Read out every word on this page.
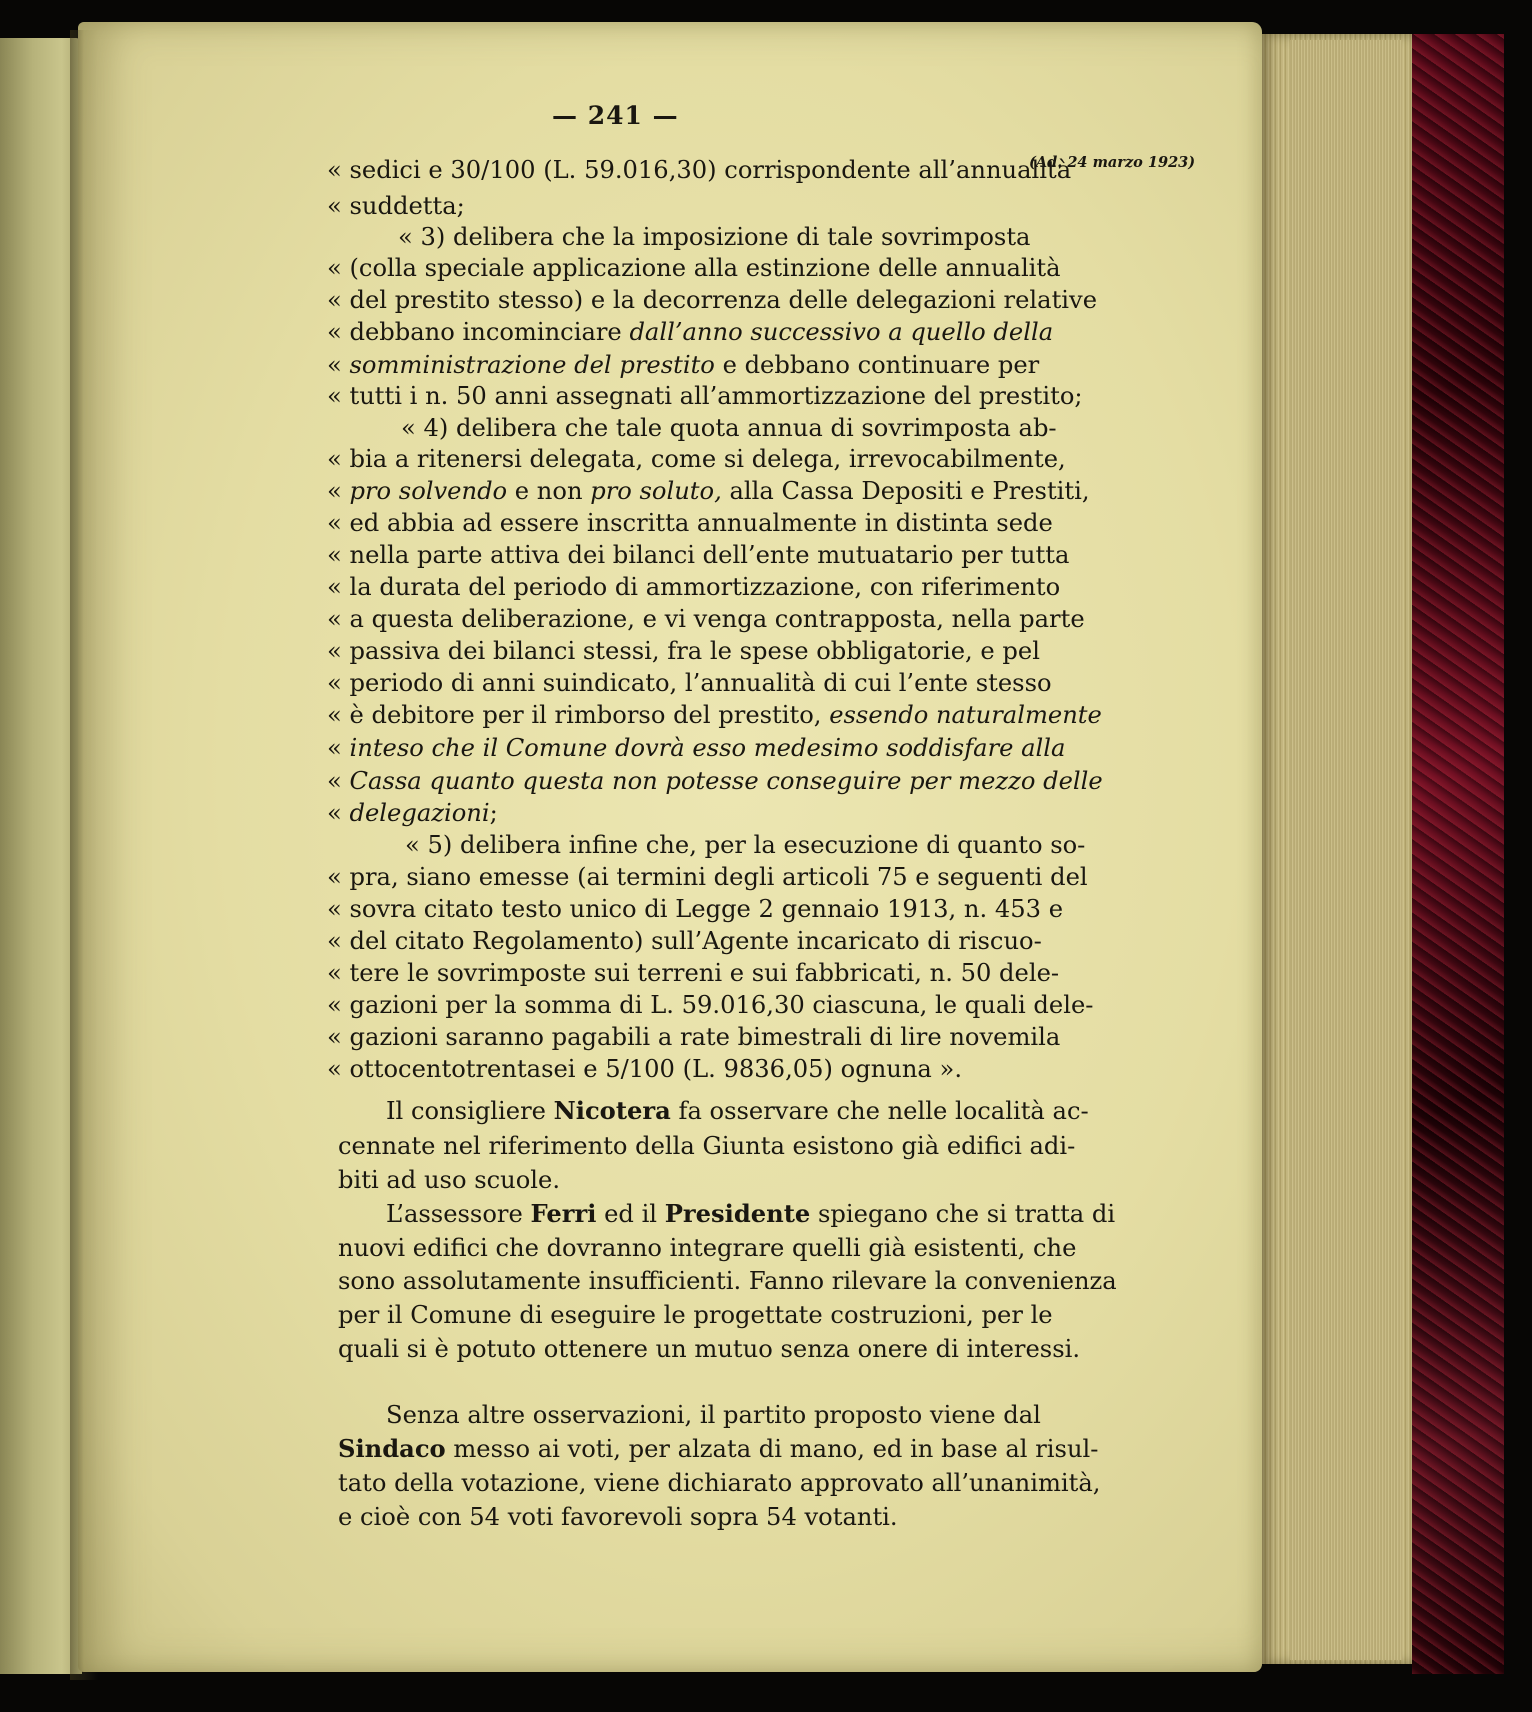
— 241 —
« sedici e 30/100 (L. 59.016,30) corrispondente all’annualità
(Ad. 24 marzo 1923)
« suddetta;
« 3) delibera che la imposizione di tale sovrimposta
« (colla speciale applicazione alla estinzione delle annualità
« del prestito stesso) e la decorrenza delle delegazioni relative
« debbano incominciare dall’anno successivo a quello della
« somministrazione del prestito e debbano continuare per
« tutti i n. 50 anni assegnati all’ammortizzazione del prestito;
« 4) delibera che tale quota annua di sovrimposta ab-
« bia a ritenersi delegata, come si delega, irrevocabilmente,
« pro solvendo e non pro soluto, alla Cassa Depositi e Prestiti,
« ed abbia ad essere inscritta annualmente in distinta sede
« nella parte attiva dei bilanci dell’ente mutuatario per tutta
« la durata del periodo di ammortizzazione, con riferimento
« a questa deliberazione, e vi venga contrapposta, nella parte
« passiva dei bilanci stessi, fra le spese obbligatorie, e pel
« periodo di anni suindicato, l’annualità di cui l’ente stesso
« è debitore per il rimborso del prestito, essendo naturalmente
« inteso che il Comune dovrà esso medesimo soddisfare alla
« Cassa quanto questa non potesse conseguire per mezzo delle
« delegazioni;
« 5) delibera infine che, per la esecuzione di quanto so-
« pra, siano emesse (ai termini degli articoli 75 e seguenti del
« sovra citato testo unico di Legge 2 gennaio 1913, n. 453 e
« del citato Regolamento) sull’Agente incaricato di riscuo-
« tere le sovrimposte sui terreni e sui fabbricati, n. 50 dele-
« gazioni per la somma di L. 59.016,30 ciascuna, le quali dele-
« gazioni saranno pagabili a rate bimestrali di lire novemila
« ottocentotrentasei e 5/100 (L. 9836,05) ognuna ».
Il consigliere Nicotera fa osservare che nelle località ac-
cennate nel riferimento della Giunta esistono già edifici adi-
biti ad uso scuole.
L’assessore Ferri ed il Presidente spiegano che si tratta di
nuovi edifici che dovranno integrare quelli già esistenti, che
sono assolutamente insufficienti. Fanno rilevare la convenienza
per il Comune di eseguire le progettate costruzioni, per le
quali si è potuto ottenere un mutuo senza onere di interessi.
Senza altre osservazioni, il partito proposto viene dal
Sindaco messo ai voti, per alzata di mano, ed in base al risul-
tato della votazione, viene dichiarato approvato all’unanimità,
e cioè con 54 voti favorevoli sopra 54 votanti.
